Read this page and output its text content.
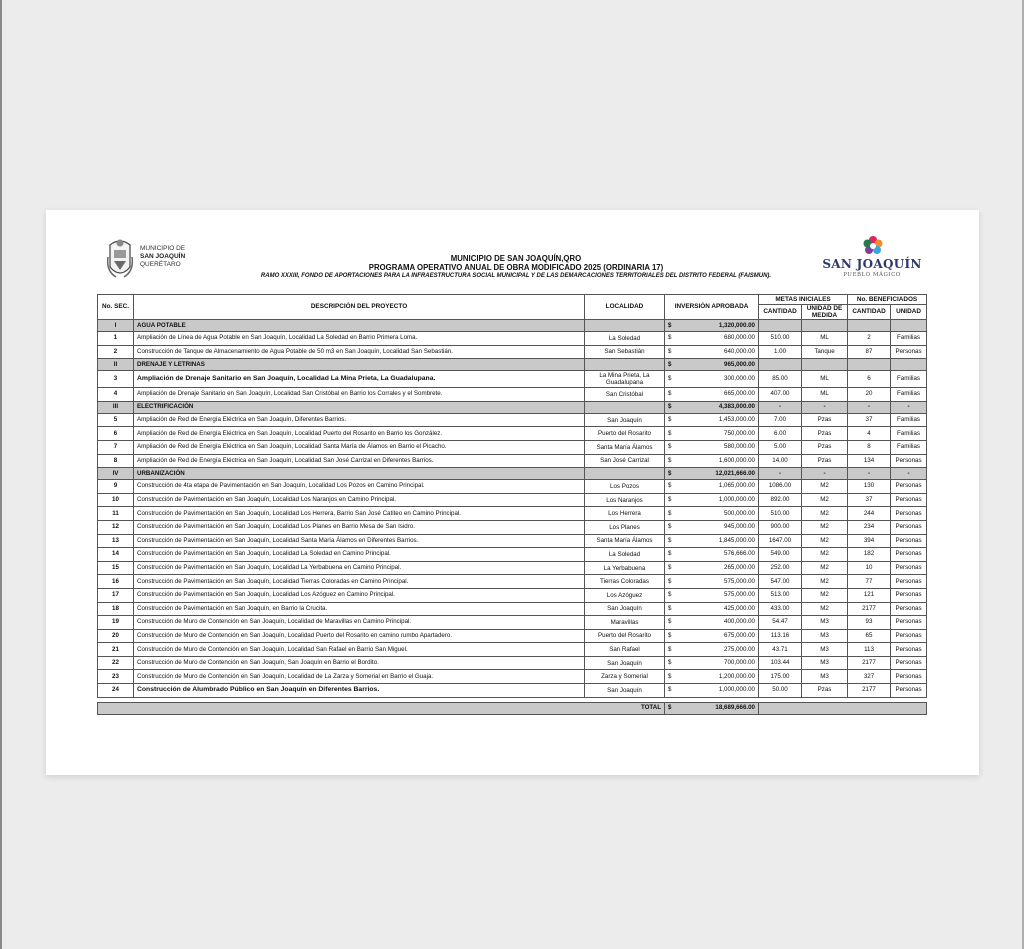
MUNICIPIO DE
SAN JOAQUÍN
QUERÉTARO
MUNICIPIO DE SAN JOAQUÍN,QRO
PROGRAMA OPERATIVO ANUAL DE OBRA MODIFICADO 2025 (ORDINARIA 17)
RAMO XXXIII, FONDO DE APORTACIONES PARA LA INFRAESTRUCTURA SOCIAL MUNICIPAL Y DE LAS DEMARCACIONES TERRITORIALES DEL DISTRITO FEDERAL (FAISMUN).
SAN JOAQUÍN
PUEBLO MÁGICO
No. SEC.	DESCRIPCIÓN DEL PROYECTO	LOCALIDAD	INVERSIÓN APROBADA	METAS INICIALES		No. BENEFICIADOS	
				CANTIDAD	UNIDAD DE MEDIDA	CANTIDAD	UNIDAD
I	AGUA POTABLE		$ 1,320,000.00				
1	Ampliación de Línea de Agua Potable en San Joaquín, Localidad La Soledad en Barrio Primera Loma.	La Soledad	$ 680,000.00	510.00	ML	2	Familias
2	Construcción de Tanque de Almacenamiento de Agua Potable de 50 m3 en San Joaquín, Localidad San Sebastián.	San Sebastián	$ 640,000.00	1.00	Tanque	87	Personas
II	DRENAJE Y LETRINAS		$ 965,000.00				
3	Ampliación de Drenaje Sanitario en San Joaquín, Localidad La Mina Prieta, La Guadalupana.	La Mina Prieta, La Guadalupana	$ 300,000.00	85.00	ML	6	Familias
4	Ampliación de Drenaje Sanitario en San Joaquín, Localidad San Cristóbal en Barrio los Corrales y el Sombrete.	San Cristóbal	$ 665,000.00	407.00	ML	20	Familias
III	ELECTRIFICACIÓN		$ 4,383,000.00	-	-	-	-
5	Ampliación de Red de Energía Eléctrica en San Joaquín, Diferentes Barrios.	San Joaquín	$ 1,453,000.00	7.00	Pzas	37	Familias
6	Ampliación de Red de Energía Eléctrica en San Joaquín, Localidad Puerto del Rosarito en Barrio los González.	Puerto del Rosarito	$ 750,000.00	6.00	Pzas	4	Familias
7	Ampliación de Red de Energía Eléctrica en San Joaquín, Localidad Santa María de Álamos en Barrio el Picacho.	Santa María Álamos	$ 580,000.00	5.00	Pzas	8	Familias
8	Ampliación de Red de Energía Eléctrica en San Joaquín, Localidad San José Carrizal en Diferentes Barrios.	San José Carrizal	$ 1,600,000.00	14.00	Pzas	134	Personas
IV	URBANIZACIÓN		$ 12,021,666.00	-	-	-	-
9	Construcción de 4ta etapa de Pavimentación en San Joaquín, Localidad Los Pozos en Camino Principal.	Los Pozos	$ 1,065,000.00	1086.00	M2	130	Personas
10	Construcción de Pavimentación en San Joaquín, Localidad Los Naranjos en Camino Principal.	Los Naranjos	$ 1,000,000.00	892.00	M2	37	Personas
11	Construcción de Pavimentación en San Joaquín, Localidad Los Herrera, Barrio San José Catiteo en Camino Principal.	Los Herrera	$ 500,000.00	510.00	M2	244	Personas
12	Construcción de Pavimentación en San Joaquín, Localidad Los Planes en Barrio Mesa de San Isidro.	Los Planes	$ 945,000.00	900.00	M2	234	Personas
13	Construcción de Pavimentación en San Joaquín, Localidad Santa María Álamos en Diferentes Barrios.	Santa María Álamos	$ 1,845,000.00	1647.00	M2	394	Personas
14	Construcción de Pavimentación en San Joaquín, Localidad La Soledad en Camino Principal.	La Soledad	$ 576,666.00	549.00	M2	182	Personas
15	Construcción de Pavimentación en San Joaquín, Localidad La Yerbabuena en Camino Principal.	La Yerbabuena	$ 265,000.00	252.00	M2	10	Personas
16	Construcción de Pavimentación en San Joaquín, Localidad Tierras Coloradas en Camino Principal.	Tierras Coloradas	$ 575,000.00	547.00	M2	77	Personas
17	Construcción de Pavimentación en San Joaquín, Localidad Los Azóguez en Camino Principal.	Los Azóguez	$ 575,000.00	513.00	M2	121	Personas
18	Construcción de Pavimentación en San Joaquín, en Barrio la Crucita.	San Joaquín	$ 425,000.00	433.00	M2	2177	Personas
19	Construcción de Muro de Contención en San Joaquín, Localidad de Maravillas en Camino Principal.	Maravillas	$ 400,000.00	54.47	M3	93	Personas
20	Construcción de Muro de Contención en San Joaquín, Localidad Puerto del Rosarito en camino rumbo Apartadero.	Puerto del Rosarito	$ 675,000.00	113.16	M3	65	Personas
21	Construcción de Muro de Contención en San Joaquín, Localidad San Rafael en Barrio San Miguel.	San Rafael	$ 275,000.00	43.71	M3	113	Personas
22	Construcción de Muro de Contención en San Joaquín, San Joaquín en Barrio el Bordito.	San Joaquín	$ 700,000.00	103.44	M3	2177	Personas
23	Construcción de Muro de Contención en San Joaquín, Localidad de La Zarza y Somerial en Barrio el Guaja.	Zarza y Somerial	$ 1,200,000.00	175.00	M3	327	Personas
24	Construcción de Alumbrado Público en San Joaquín en Diferentes Barrios.	San Joaquín	$ 1,000,000.00	50.00	Pzas	2177	Personas

TOTAL			$ 18,689,666.00				
